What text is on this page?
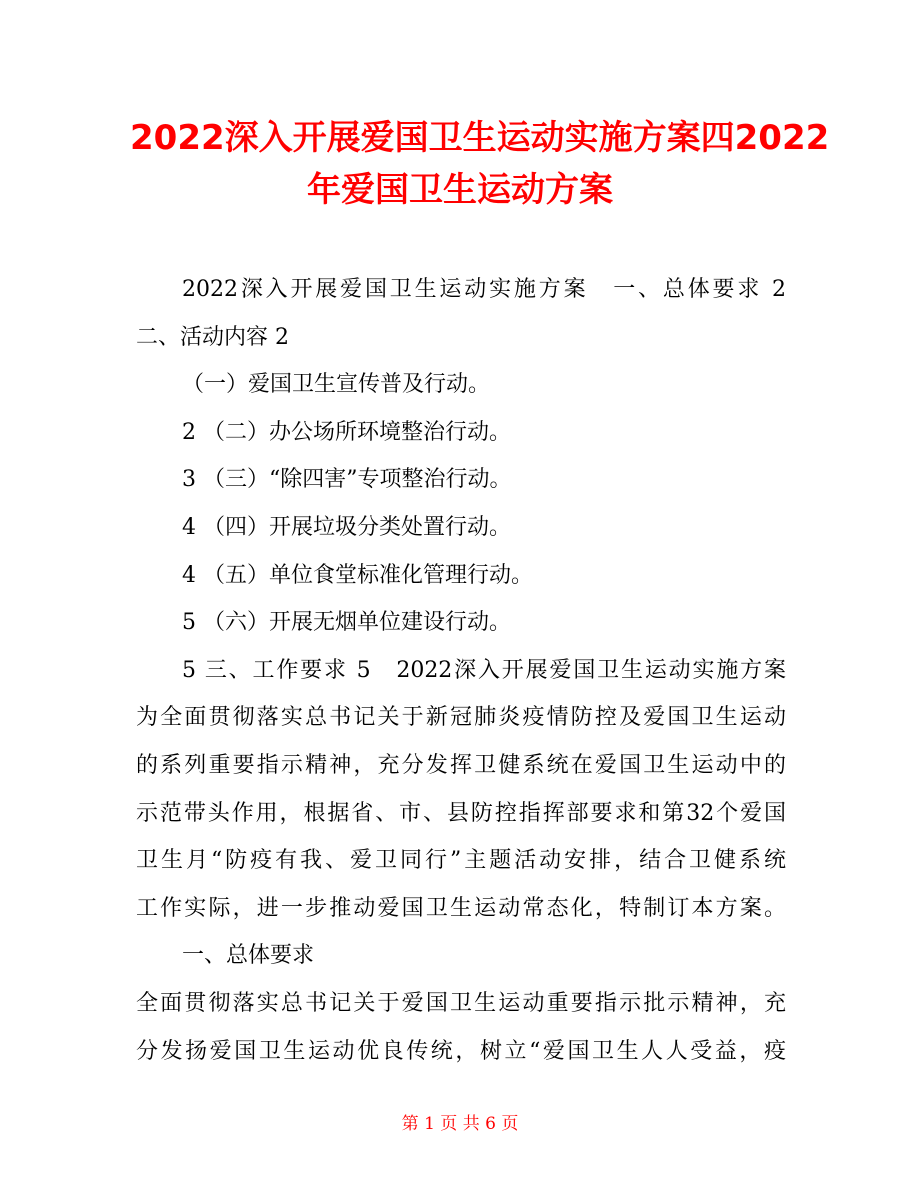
2022深入开展爱国卫生运动实施方案四2022
年爱国卫生运动方案
2022深入开展爱国卫生运动实施方案　一、总体要求 2
二、活动内容 2
（一）爱国卫生宣传普及行动。
2 （二）办公场所环境整治行动。
3 （三）“除四害”专项整治行动。
4 （四）开展垃圾分类处置行动。
4 （五）单位食堂标准化管理行动。
5 （六）开展无烟单位建设行动。
5 三、工作要求 5　2022深入开展爱国卫生运动实施方案
为全面贯彻落实总书记关于新冠肺炎疫情防控及爱国卫生运动
的系列重要指示精神，充分发挥卫健系统在爱国卫生运动中的
示范带头作用，根据省、市、县防控指挥部要求和第32个爱国
卫生月“防疫有我、爱卫同行”主题活动安排，结合卫健系统
工作实际，进一步推动爱国卫生运动常态化，特制订本方案。
一、总体要求
全面贯彻落实总书记关于爱国卫生运动重要指示批示精神，充
分发扬爱国卫生运动优良传统，树立“爱国卫生人人受益，疫
第 1 页 共 6 页
